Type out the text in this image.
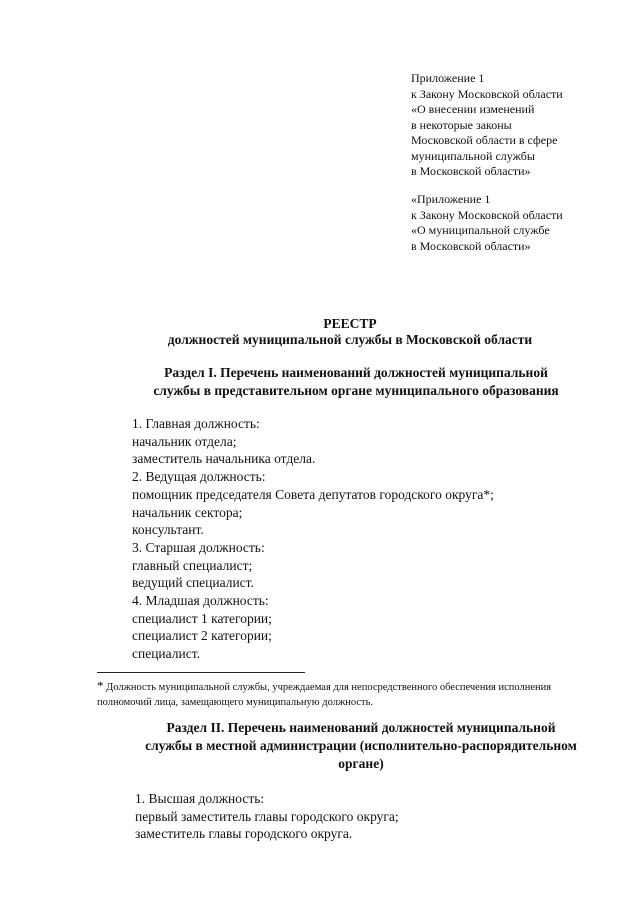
Приложение 1
к Закону Московской области
«О внесении изменений
в некоторые законы
Московской области в сфере
муниципальной службы
в Московской области»
«Приложение 1
к Закону Московской области
«О муниципальной службе
в Московской области»
РЕЕСТР
должностей муниципальной службы в Московской области
Раздел I. Перечень наименований должностей муниципальной
службы в представительном органе муниципального образования
1. Главная должность:
начальник отдела;
заместитель начальника отдела.
2. Ведущая должность:
помощник председателя Совета депутатов городского округа*;
начальник сектора;
консультант.
3. Старшая должность:
главный специалист;
ведущий специалист.
4. Младшая должность:
специалист 1 категории;
специалист 2 категории;
специалист.
* Должность муниципальной службы, учреждаемая для непосредственного обеспечения исполнения
полномочий лица, замещающего муниципальную должность.
Раздел II. Перечень наименований должностей муниципальной
службы в местной администрации (исполнительно-распорядительном
органе)
1. Высшая должность:
первый заместитель главы городского округа;
заместитель главы городского округа.
